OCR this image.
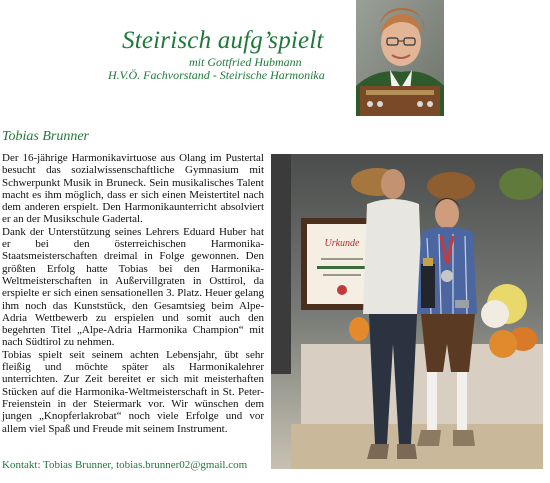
Steirisch aufg’spielt
mit Gottfried Hubmann
H.V.Ö. Fachvorstand - Steirische Harmonika
Tobias Brunner

Der 16-jährige Harmonikavirtuose aus Olang im Pustertal besucht das sozialwissenschaftliche Gymnasium mit Schwerpunkt Musik in Bruneck. Sein musikalisches Talent macht es ihm möglich, dass er sich einen Meistertitel nach dem anderen erspielt. Den Harmonikaunterricht absolviert er an der Musikschule Gadertal.

Dank der Unterstützung seines Lehrers Eduard Huber hat er bei den österreichischen Harmonika-Staatsmeisterschaften dreimal in Folge gewonnen. Den größten Erfolg hatte Tobias bei den Harmonika-Weltmeisterschaften in Außervillgraten in Osttirol, da erspielte er sich einen sensationellen 3. Platz. Heuer gelang ihm noch das Kunststück, den Gesamtsieg beim Alpe-Adria Wettbewerb zu erspielen und somit auch den begehrten Titel „Alpe-Adria Harmonika Champion“ mit nach Südtirol zu nehmen.

Tobias spielt seit seinem achten Lebensjahr, übt sehr fleißig und möchte später als Harmonikalehrer unterrichten. Zur Zeit bereitet er sich mit meisterhaften Stücken auf die Harmonika-Weltmeisterschaft in St. Peter-Freienstein in der Steiermark vor. Wir wünschen dem jungen „Knopferlakrobat“ noch viele Erfolge und vor allem viel Spaß und Freude mit seinem Instrument.

Kontakt: Tobias Brunner, tobias.brunner02@gmail.com
Urkunde
